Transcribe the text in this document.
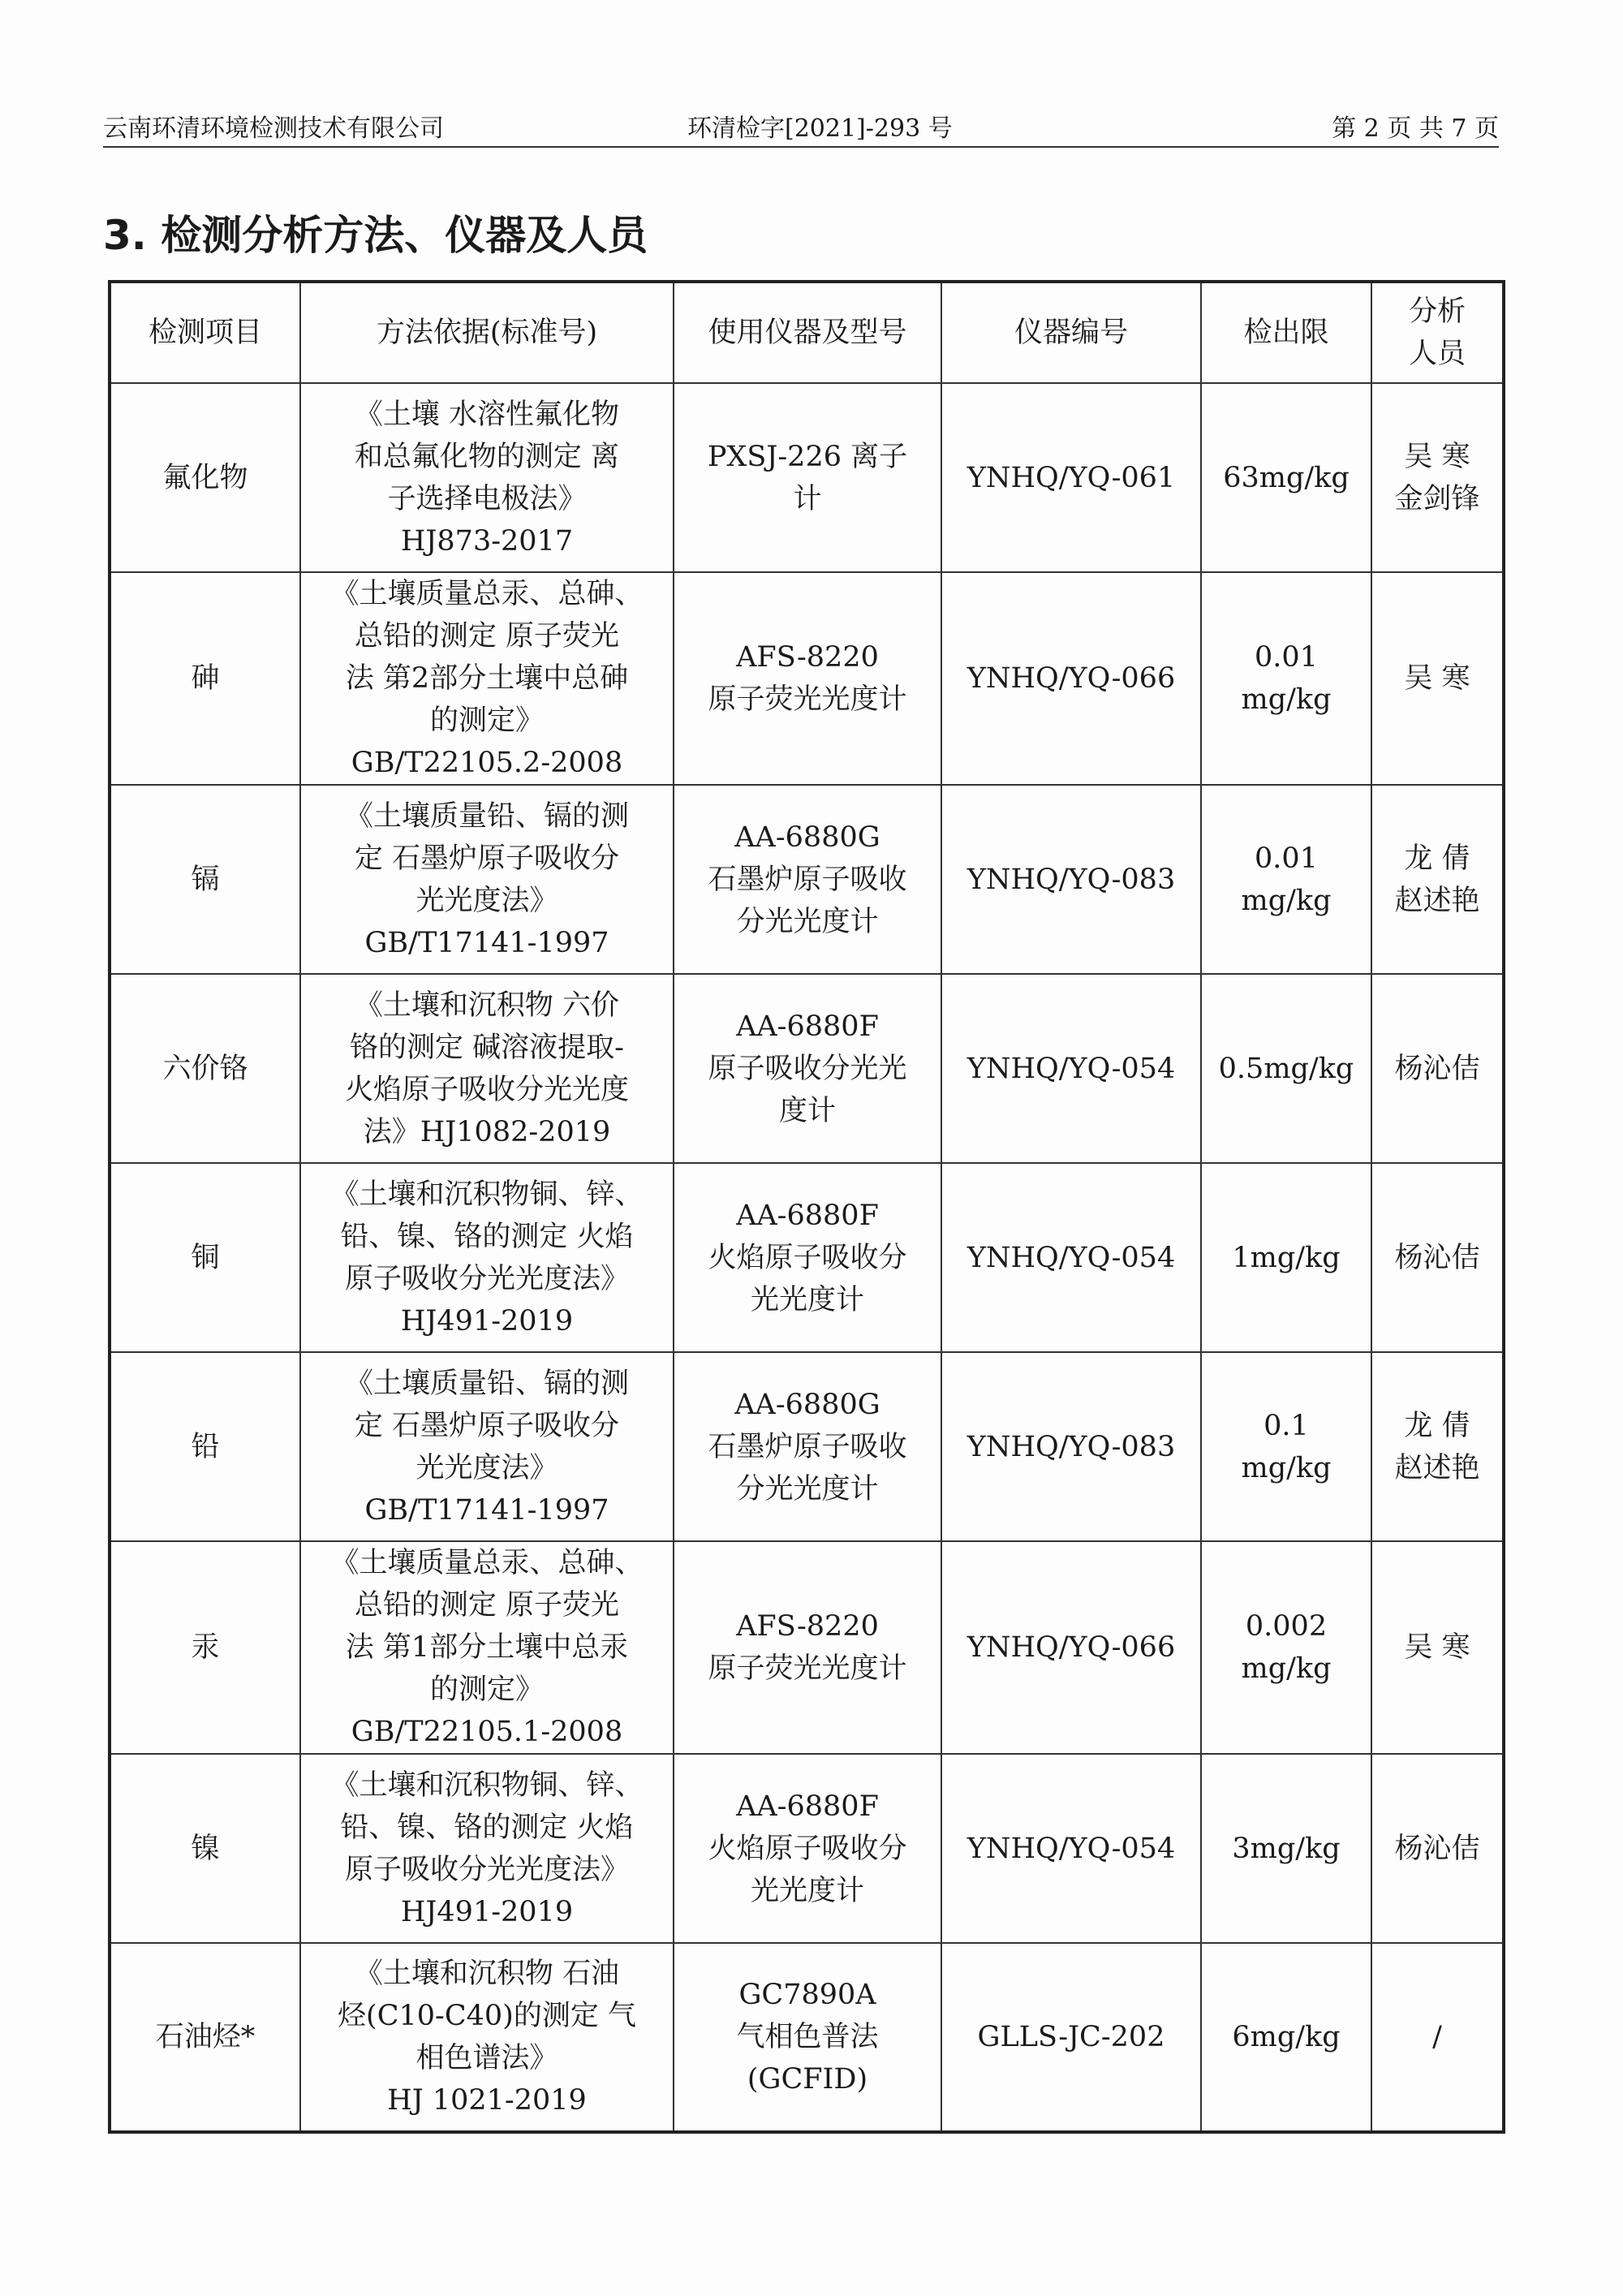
云南环清环境检测技术有限公司	环清检字[2021]-293 号	第 2 页 共 7 页
3. 检测分析方法、仪器及人员
检测项目	方法依据(标准号)	使用仪器及型号	仪器编号	检出限	分析
人员

氟化物	《土壤 水溶性氟化物
和总氟化物的测定 离
子选择电极法》
HJ873-2017	PXSJ-226 离子
计	YNHQ/YQ-061	63mg/kg	吴 寒
金剑锋

砷	《土壤质量总汞、总砷、
总铅的测定 原子荧光
法 第2部分土壤中总砷
的测定》
GB/T22105.2-2008	AFS-8220
原子荧光光度计	YNHQ/YQ-066	0.01
mg/kg	吴 寒

镉	《土壤质量铅、镉的测
定 石墨炉原子吸收分
光光度法》
GB/T17141-1997	AA-6880G
石墨炉原子吸收
分光光度计	YNHQ/YQ-083	0.01
mg/kg	龙 倩
赵述艳

六价铬	《土壤和沉积物 六价
铬的测定 碱溶液提取-
火焰原子吸收分光光度
法》HJ1082-2019	AA-6880F
原子吸收分光光
度计	YNHQ/YQ-054	0.5mg/kg	杨沁佶

铜	《土壤和沉积物铜、锌、
铅、镍、铬的测定 火焰
原子吸收分光光度法》
HJ491-2019	AA-6880F
火焰原子吸收分
光光度计	YNHQ/YQ-054	1mg/kg	杨沁佶

铅	《土壤质量铅、镉的测
定 石墨炉原子吸收分
光光度法》
GB/T17141-1997	AA-6880G
石墨炉原子吸收
分光光度计	YNHQ/YQ-083	0.1
mg/kg	龙 倩
赵述艳

汞	《土壤质量总汞、总砷、
总铅的测定 原子荧光
法 第1部分土壤中总汞
的测定》
GB/T22105.1-2008	AFS-8220
原子荧光光度计	YNHQ/YQ-066	0.002
mg/kg	吴 寒

镍	《土壤和沉积物铜、锌、
铅、镍、铬的测定 火焰
原子吸收分光光度法》
HJ491-2019	AA-6880F
火焰原子吸收分
光光度计	YNHQ/YQ-054	3mg/kg	杨沁佶

石油烃*	《土壤和沉积物 石油
烃(C10-C40)的测定 气
相色谱法》
HJ 1021-2019	GC7890A
气相色普法
(GCFID)	GLLS-JC-202	6mg/kg	/
